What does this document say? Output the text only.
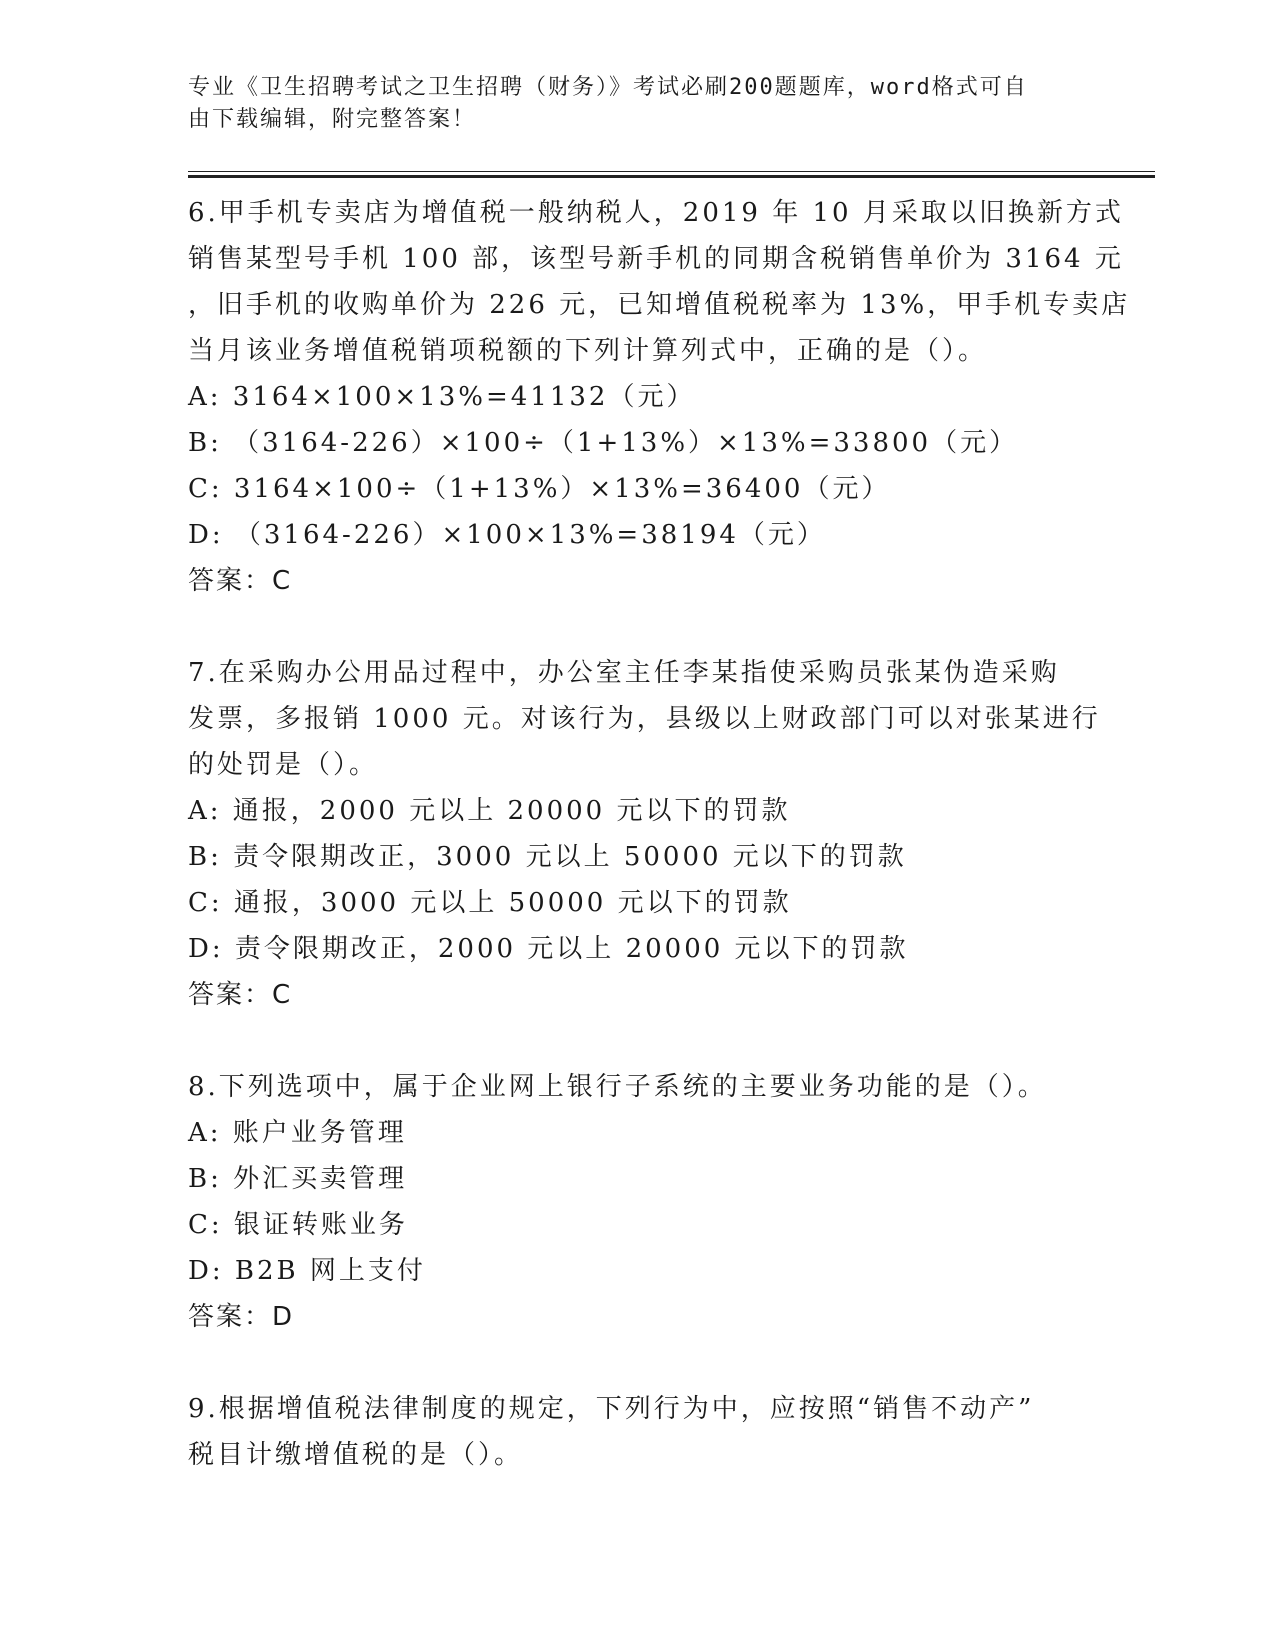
专业《卫生招聘考试之卫生招聘（财务）》考试必刷200题题库，word格式可自
由下载编辑，附完整答案！
6.甲手机专卖店为增值税一般纳税人，2019 年 10 月采取以旧换新方式
销售某型号手机 100 部，该型号新手机的同期含税销售单价为 3164 元
，旧手机的收购单价为 226 元，已知增值税税率为 13%，甲手机专卖店
当月该业务增值税销项税额的下列计算列式中，正确的是（）。
A: 3164×100×13%=41132（元）
B: （3164-226）×100÷（1+13%）×13%=33800（元）
C: 3164×100÷（1+13%）×13%=36400（元）
D: （3164-226）×100×13%=38194（元）
答案：C
7.在采购办公用品过程中，办公室主任李某指使采购员张某伪造采购
发票，多报销 1000 元。对该行为，县级以上财政部门可以对张某进行
的处罚是（）。
A: 通报，2000 元以上 20000 元以下的罚款
B: 责令限期改正，3000 元以上 50000 元以下的罚款
C: 通报，3000 元以上 50000 元以下的罚款
D: 责令限期改正，2000 元以上 20000 元以下的罚款
答案：C
8.下列选项中，属于企业网上银行子系统的主要业务功能的是（）。
A: 账户业务管理
B: 外汇买卖管理
C: 银证转账业务
D: B2B 网上支付
答案：D
9.根据增值税法律制度的规定，下列行为中，应按照“销售不动产”
税目计缴增值税的是（）。
